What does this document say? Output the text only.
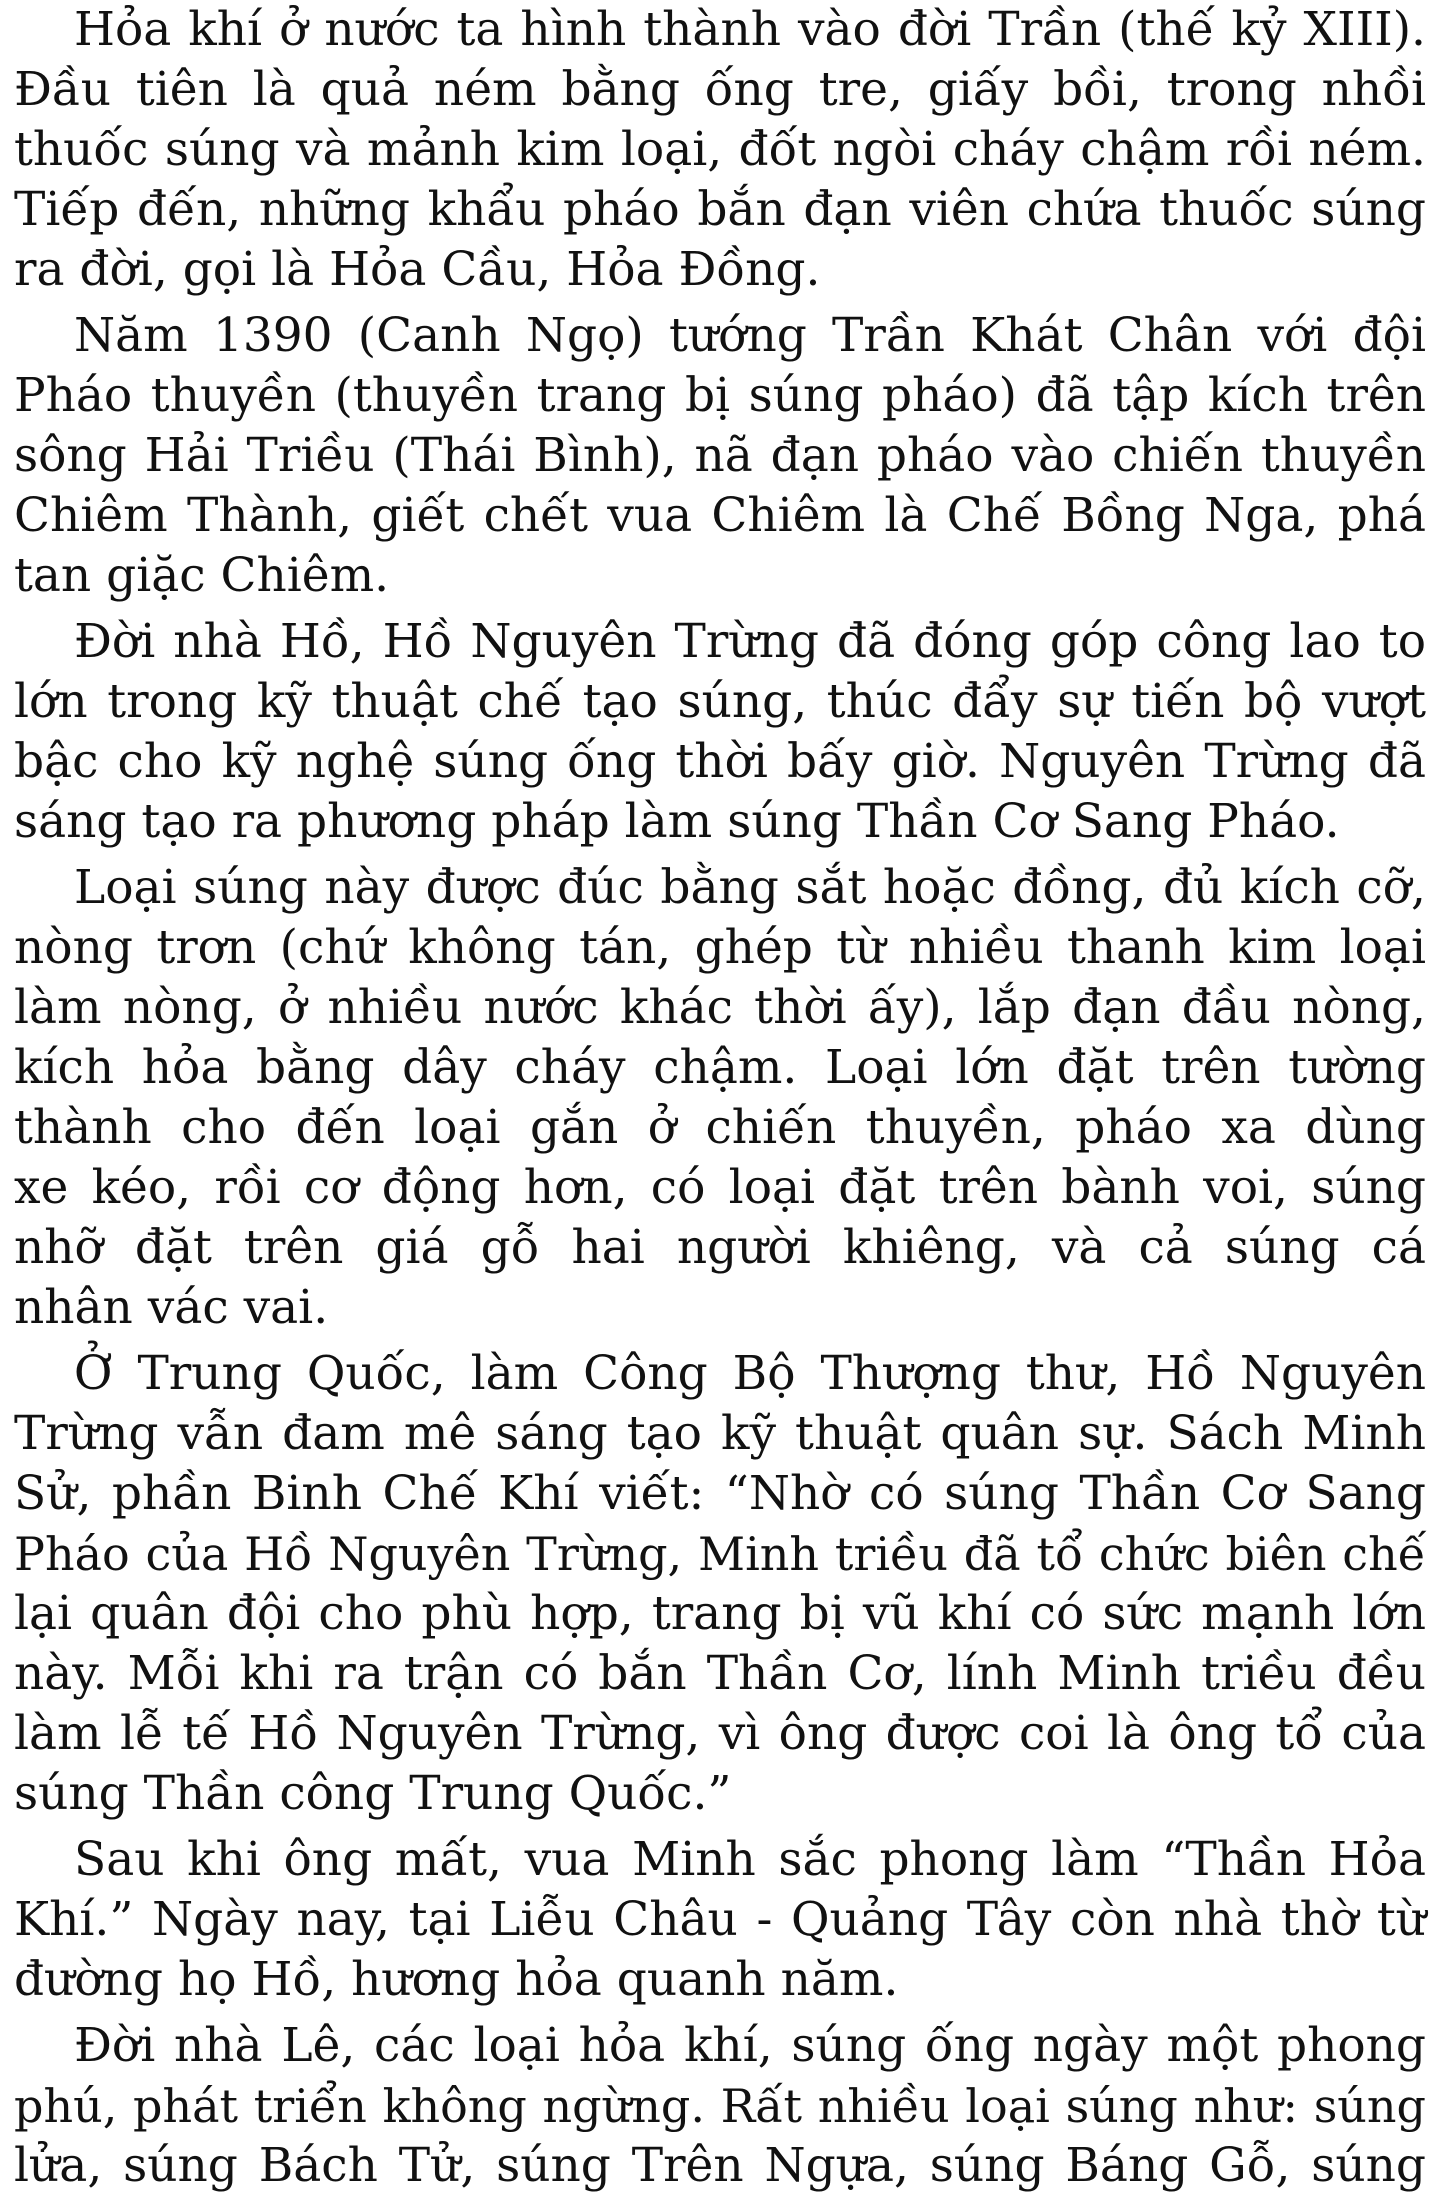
Hỏa khí ở nước ta hình thành vào đời Trần (thế kỷ XIII).
Đầu tiên là quả ném bằng ống tre, giấy bồi, trong nhồi
thuốc súng và mảnh kim loại, đốt ngòi cháy chậm rồi ném.
Tiếp đến, những khẩu pháo bắn đạn viên chứa thuốc súng
ra đời, gọi là Hỏa Cầu, Hỏa Đồng.
Năm 1390 (Canh Ngọ) tướng Trần Khát Chân với đội
Pháo thuyền (thuyền trang bị súng pháo) đã tập kích trên
sông Hải Triều (Thái Bình), nã đạn pháo vào chiến thuyền
Chiêm Thành, giết chết vua Chiêm là Chế Bồng Nga, phá
tan giặc Chiêm.
Đời nhà Hồ, Hồ Nguyên Trừng đã đóng góp công lao to
lớn trong kỹ thuật chế tạo súng, thúc đẩy sự tiến bộ vượt
bậc cho kỹ nghệ súng ống thời bấy giờ. Nguyên Trừng đã
sáng tạo ra phương pháp làm súng Thần Cơ Sang Pháo.
Loại súng này được đúc bằng sắt hoặc đồng, đủ kích cỡ,
nòng trơn (chứ không tán, ghép từ nhiều thanh kim loại
làm nòng, ở nhiều nước khác thời ấy), lắp đạn đầu nòng,
kích hỏa bằng dây cháy chậm. Loại lớn đặt trên tường
thành cho đến loại gắn ở chiến thuyền, pháo xa dùng
xe kéo, rồi cơ động hơn, có loại đặt trên bành voi, súng
nhỡ đặt trên giá gỗ hai người khiêng, và cả súng cá
nhân vác vai.
Ở Trung Quốc, làm Công Bộ Thượng thư, Hồ Nguyên
Trừng vẫn đam mê sáng tạo kỹ thuật quân sự. Sách Minh
Sử, phần Binh Chế Khí viết: “Nhờ có súng Thần Cơ Sang
Pháo của Hồ Nguyên Trừng, Minh triều đã tổ chức biên chế
lại quân đội cho phù hợp, trang bị vũ khí có sức mạnh lớn
này. Mỗi khi ra trận có bắn Thần Cơ, lính Minh triều đều
làm lễ tế Hồ Nguyên Trừng, vì ông được coi là ông tổ của
súng Thần công Trung Quốc.”
Sau khi ông mất, vua Minh sắc phong làm “Thần Hỏa
Khí.” Ngày nay, tại Liễu Châu - Quảng Tây còn nhà thờ từ
đường họ Hồ, hương hỏa quanh năm.
Đời nhà Lê, các loại hỏa khí, súng ống ngày một phong
phú, phát triển không ngừng. Rất nhiều loại súng như: súng
lửa, súng Bách Tử, súng Trên Ngựa, súng Báng Gỗ, súng
